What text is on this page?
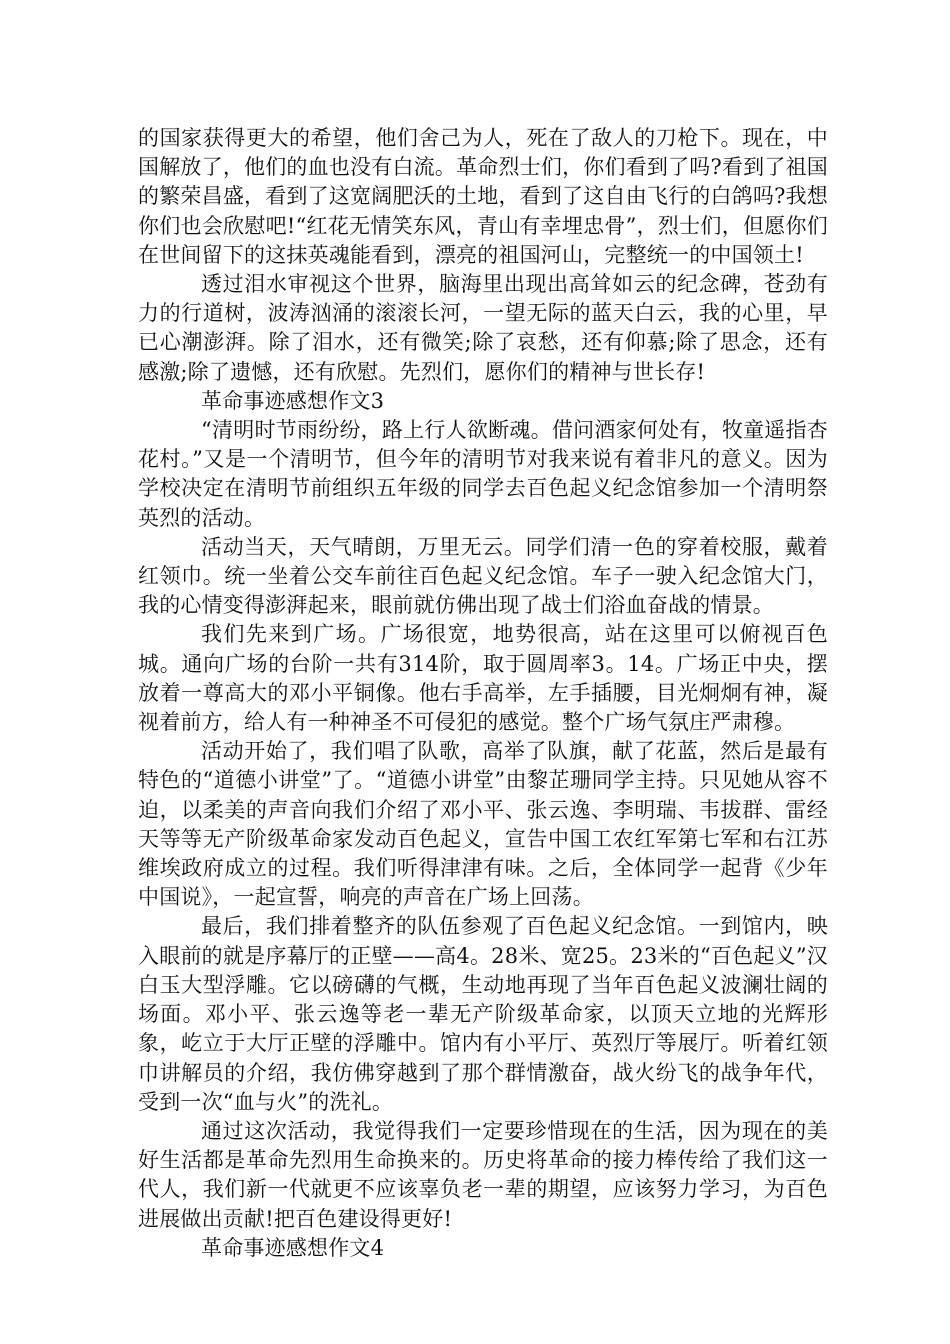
的国家获得更大的希望，他们舍己为人，死在了敌人的刀枪下。现在，中国解放了，他们的血也没有白流。革命烈士们，你们看到了吗?看到了祖国的繁荣昌盛，看到了这宽阔肥沃的土地，看到了这自由飞行的白鸽吗?我想你们也会欣慰吧!“红花无情笑东风，青山有幸埋忠骨”，烈士们，但愿你们在世间留下的这抹英魂能看到，漂亮的祖国河山，完整统一的中国领土!

透过泪水审视这个世界，脑海里出现出高耸如云的纪念碑，苍劲有力的行道树，波涛汹涌的滚滚长河，一望无际的蓝天白云，我的心里，早已心潮澎湃。除了泪水，还有微笑;除了哀愁，还有仰慕;除了思念，还有感激;除了遗憾，还有欣慰。先烈们，愿你们的精神与世长存!

革命事迹感想作文3

“清明时节雨纷纷，路上行人欲断魂。借问酒家何处有，牧童遥指杏花村。”又是一个清明节，但今年的清明节对我来说有着非凡的意义。因为学校决定在清明节前组织五年级的同学去百色起义纪念馆参加一个清明祭英烈的活动。

活动当天，天气晴朗，万里无云。同学们清一色的穿着校服，戴着红领巾。统一坐着公交车前往百色起义纪念馆。车子一驶入纪念馆大门，我的心情变得澎湃起来，眼前就仿佛出现了战士们浴血奋战的情景。

我们先来到广场。广场很宽，地势很高，站在这里可以俯视百色城。通向广场的台阶一共有314阶，取于圆周率3。14。广场正中央，摆放着一尊高大的邓小平铜像。他右手高举，左手插腰，目光炯炯有神，凝视着前方，给人有一种神圣不可侵犯的感觉。整个广场气氛庄严肃穆。

活动开始了，我们唱了队歌，高举了队旗，献了花蓝，然后是最有特色的“道德小讲堂”了。“道德小讲堂”由黎芷珊同学主持。只见她从容不迫，以柔美的声音向我们介绍了邓小平、张云逸、李明瑞、韦拔群、雷经天等等无产阶级革命家发动百色起义，宣告中国工农红军第七军和右江苏维埃政府成立的过程。我们听得津津有味。之后，全体同学一起背《少年中国说》，一起宣誓，响亮的声音在广场上回荡。

最后，我们排着整齐的队伍参观了百色起义纪念馆。一到馆内，映入眼前的就是序幕厅的正壁——高4。28米、宽25。23米的“百色起义”汉白玉大型浮雕。它以磅礴的气概，生动地再现了当年百色起义波澜壮阔的场面。邓小平、张云逸等老一辈无产阶级革命家，以顶天立地的光辉形象，屹立于大厅正壁的浮雕中。馆内有小平厅、英烈厅等展厅。听着红领巾讲解员的介绍，我仿佛穿越到了那个群情激奋，战火纷飞的战争年代，受到一次“血与火”的洗礼。

通过这次活动，我觉得我们一定要珍惜现在的生活，因为现在的美好生活都是革命先烈用生命换来的。历史将革命的接力棒传给了我们这一代人，我们新一代就更不应该辜负老一辈的期望，应该努力学习，为百色进展做出贡献!把百色建设得更好!

革命事迹感想作文4
